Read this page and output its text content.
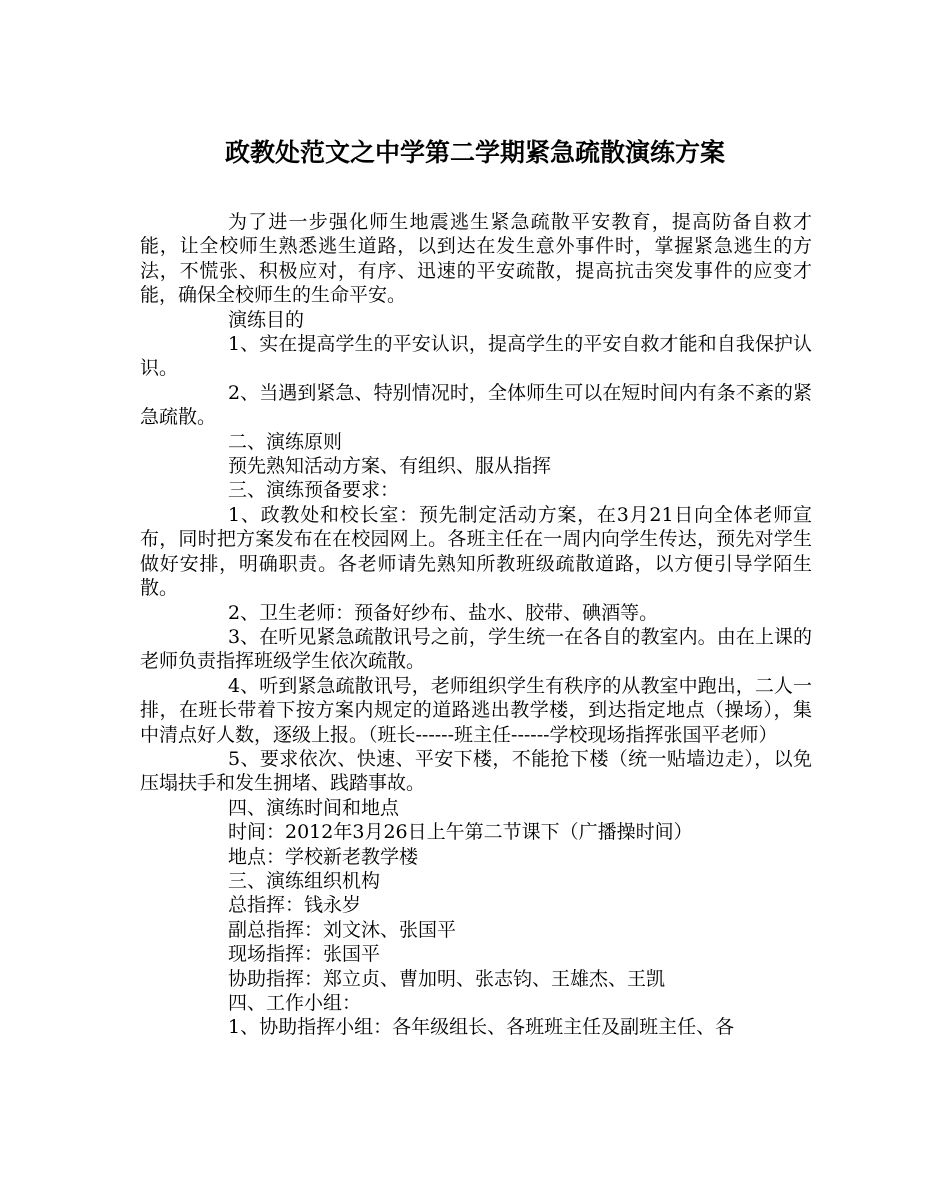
政教处范文之中学第二学期紧急疏散演练方案

为了进一步强化师生地震逃生紧急疏散平安教育，提高防备自救才能，让全校师生熟悉逃生道路，以到达在发生意外事件时，掌握紧急逃生的方法，不慌张、积极应对，有序、迅速的平安疏散，提高抗击突发事件的应变才能，确保全校师生的生命平安。

演练目的

1、实在提高学生的平安认识，提高学生的平安自救才能和自我保护认识。

2、当遇到紧急、特别情况时，全体师生可以在短时间内有条不紊的紧急疏散。

二、演练原则

预先熟知活动方案、有组织、服从指挥

三、演练预备要求：

1、政教处和校长室：预先制定活动方案，在3月21日向全体老师宣布，同时把方案发布在在校园网上。各班主任在一周内向学生传达，预先对学生做好安排，明确职责。各老师请先熟知所教班级疏散道路，以方便引导学陌生散。

2、卫生老师：预备好纱布、盐水、胶带、碘酒等。

3、在听见紧急疏散讯号之前，学生统一在各自的教室内。由在上课的老师负责指挥班级学生依次疏散。

4、听到紧急疏散讯号，老师组织学生有秩序的从教室中跑出，二人一排，在班长带着下按方案内规定的道路逃出教学楼，到达指定地点（操场），集中清点好人数，逐级上报。（班长------班主任------学校现场指挥张国平老师）

5、要求依次、快速、平安下楼，不能抢下楼（统一贴墙边走），以免压塌扶手和发生拥堵、践踏事故。

四、演练时间和地点

时间：2012年3月26日上午第二节课下（广播操时间）

地点：学校新老教学楼

三、演练组织机构

总指挥：钱永岁

副总指挥：刘文沐、张国平

现场指挥：张国平

协助指挥：郑立贞、曹加明、张志钧、王雄杰、王凯

四、工作小组：

1、协助指挥小组：各年级组长、各班班主任及副班主任、各
